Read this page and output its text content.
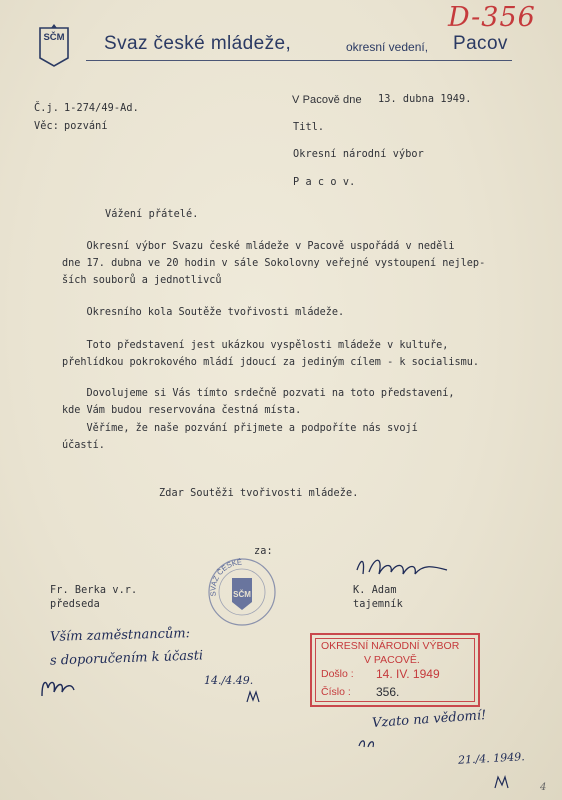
D-356
SČM Svaz české mládeže,	okresní vedení, Pacov
Č.j. 1-274/49-Ad.
Věc: pozvání
V Pacově dne 13. dubna 1949.
Titl.
Okresní národní výbor
P a c o v.
Vážení přátelé.
Okresní výbor Svazu české mládeže v Pacově uspořádá v neděli
dne 17. dubna ve 20 hodin v sále Sokolovny veřejné vystoupení nejlep-
ších souborů a jednotlivců
Okresního kola Soutěže tvořivosti mládeže.
Toto představení jest ukázkou vyspělosti mládeže v kultuře,
přehlídkou pokrokového mládí jdoucí za jediným cílem - k socialismu.
Dovolujeme si Vás tímto srdečně pozvati na toto představení,
kde Vám budou reservována čestná místa.
Věříme, že naše pozvání přijmete a podpoříte nás svojí
účastí.
Zdar Soutěži tvořivosti mládeže.
za:
Fr. Berka v.r.
předseda
K. Adam
tajemník
SVAZ ČESKÉ
SČM
Vším zaměstnancům:
s doporučením k účasti
14./4.49.
OKRESNÍ NÁRODNÍ VÝBOR
V PACOVĚ.
Došlo : 14. IV. 1949
Číslo : 356.
Vzato na vědomí!
21./4. 1949.
4
